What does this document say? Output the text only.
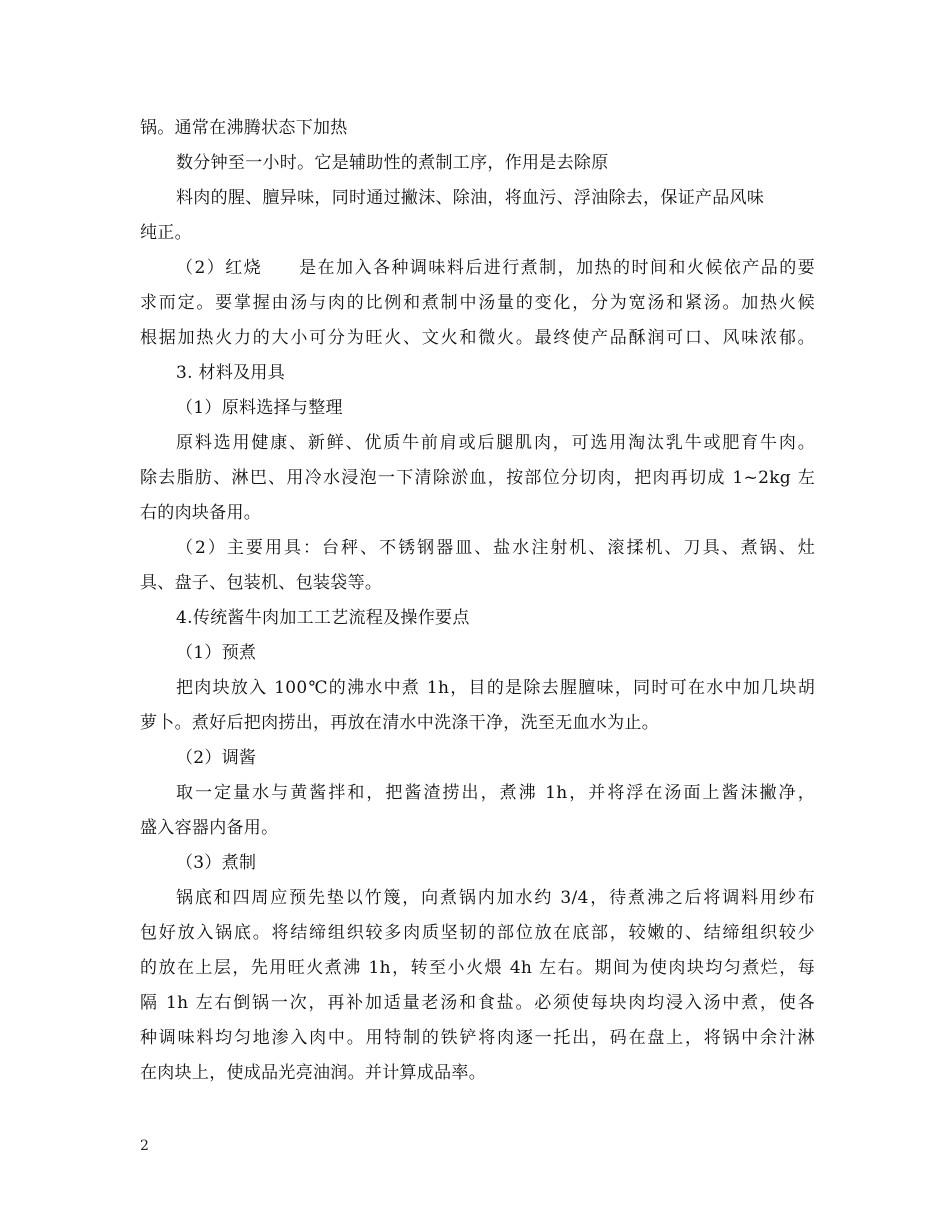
锅。通常在沸腾状态下加热
数分钟至一小时。它是辅助性的煮制工序，作用是去除原
料肉的腥、膻异味，同时通过撇沫、除油，将血污、浮油除去，保证产品风味
纯正。
（2）红烧　　是在加入各种调味料后进行煮制，加热的时间和火候依产品的要
求而定。要掌握由汤与肉的比例和煮制中汤量的变化，分为宽汤和紧汤。加热火候
根据加热火力的大小可分为旺火、文火和微火。最终使产品酥润可口、风味浓郁。
3. 材料及用具
（1）原料选择与整理
原料选用健康、新鲜、优质牛前肩或后腿肌肉，可选用淘汰乳牛或肥育牛肉。
除去脂肪、淋巴、用冷水浸泡一下清除淤血，按部位分切肉，把肉再切成 1~2kg 左
右的肉块备用。
（2）主要用具：台秤、不锈钢器皿、盐水注射机、滚揉机、刀具、煮锅、灶
具、盘子、包装机、包装袋等。
4.传统酱牛肉加工工艺流程及操作要点
（1）预煮
把肉块放入 100℃的沸水中煮 1h，目的是除去腥膻味，同时可在水中加几块胡
萝卜。煮好后把肉捞出，再放在清水中洗涤干净，洗至无血水为止。
（2）调酱
取一定量水与黄酱拌和，把酱渣捞出，煮沸 1h，并将浮在汤面上酱沫撇净，
盛入容器内备用。
（3）煮制
锅底和四周应预先垫以竹篾，向煮锅内加水约 3/4，待煮沸之后将调料用纱布
包好放入锅底。将结缔组织较多肉质坚韧的部位放在底部，较嫩的、结缔组织较少
的放在上层，先用旺火煮沸 1h，转至小火煨 4h 左右。期间为使肉块均匀煮烂，每
隔 1h 左右倒锅一次，再补加适量老汤和食盐。必须使每块肉均浸入汤中煮，使各
种调味料均匀地渗入肉中。用特制的铁铲将肉逐一托出，码在盘上，将锅中余汁淋
在肉块上，使成品光亮油润。并计算成品率。
2
